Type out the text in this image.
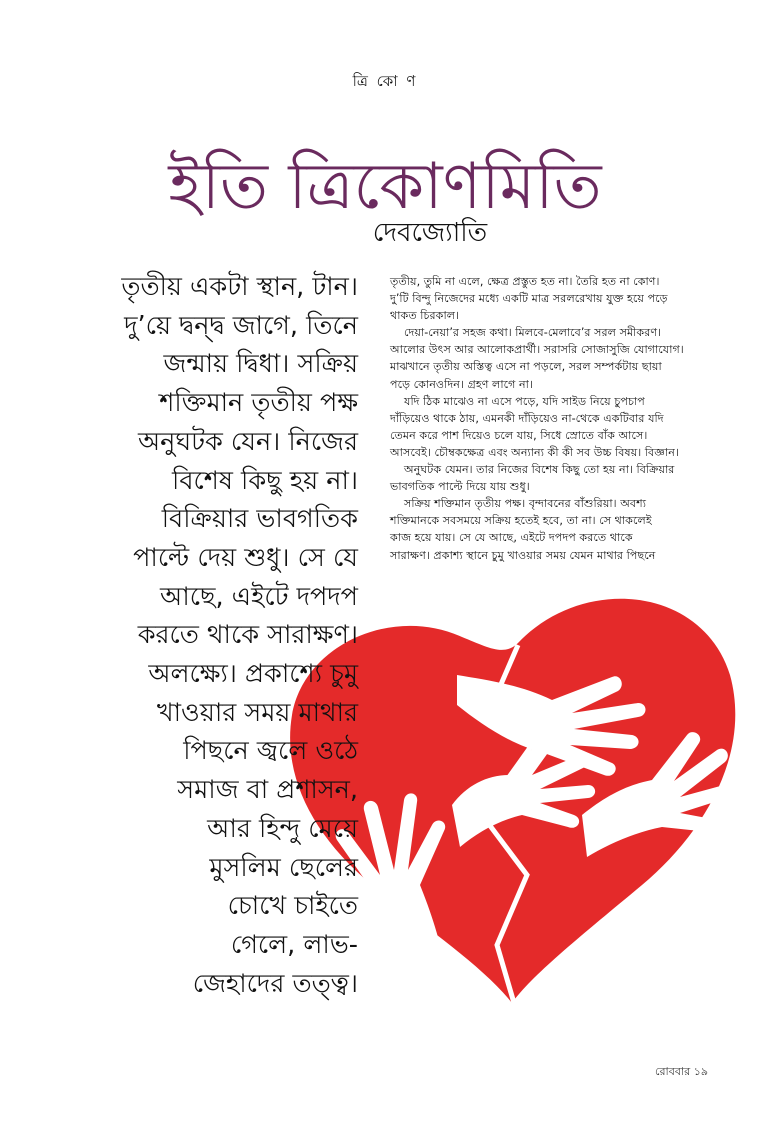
ত্রি কো ণ
ইতি ত্রিকোণমিতি
দেবজ্যোতি
তৃতীয় একটা স্থান, টান।
দু’য়ে দ্বন্দ্ব জাগে, তিনে
জন্মায় দ্বিধা। সক্রিয়
শক্তিমান তৃতীয় পক্ষ
অনুঘটক যেন। নিজের
বিশেষ কিছু হয় না।
বিক্রিয়ার ভাবগতিক
পাল্টে দেয় শুধু। সে যে
আছে, এইটে দপদপ
করতে থাকে সারাক্ষণ।
অলক্ষ্যে। প্রকাশ্যে চুমু
খাওয়ার সময় মাথার
পিছনে জ্বলে ওঠে
সমাজ বা প্রশাসন,
আর হিন্দু মেয়ে
মুসলিম ছেলের
চোখে চাইতে
গেলে, লাভ-
জেহাদের তত্ত্ব।
তৃতীয়, তুমি না এলে, ক্ষেত্র প্রস্তুত হত না। তৈরি হত না কোণ।
দু’টি বিন্দু নিজেদের মধ্যে একটি মাত্র সরলরেখায় যুক্ত হয়ে পড়ে
থাকত চিরকাল।
দেয়া-নেয়া’র সহজ কথা। মিলবে-মেলাবে’র সরল সমীকরণ।
আলোর উৎস আর আলোকপ্রার্থী। সরাসরি সোজাসুজি যোগাযোগ।
মাঝখানে তৃতীয় অস্তিত্ব এসে না পড়লে, সরল সম্পর্কটায় ছায়া
পড়ে কোনওদিন। গ্রহণ লাগে না।
যদি ঠিক মাঝেও না এসে পড়ে, যদি সাইড নিয়ে চুপচাপ
দাঁড়িয়েও থাকে ঠায়, এমনকী দাঁড়িয়েও না-থেকে একটিবার যদি
তেমন করে পাশ দিয়েও চলে যায়, সিধে স্রোতে বাঁক আসে।
আসবেই। চৌম্বকক্ষেত্র এবং অন্যান্য কী কী সব উচ্চ বিষয়। বিজ্ঞান।
অনুঘটক যেমন। তার নিজের বিশেষ কিছু তো হয় না। বিক্রিয়ার
ভাবগতিক পাল্টে দিয়ে যায় শুধু।
সক্রিয় শক্তিমান তৃতীয় পক্ষ। বৃন্দাবনের বাঁশুরিয়া। অবশ্য
শক্তিমানকে সবসময়ে সক্রিয় হতেই হবে, তা না। সে থাকলেই
কাজ হয়ে যায়। সে যে আছে, এইটে দপদপ করতে থাকে
সারাক্ষণ। প্রকাশ্য স্থানে চুমু খাওয়ার সময় যেমন মাথার পিছনে
রোববার ১৯
